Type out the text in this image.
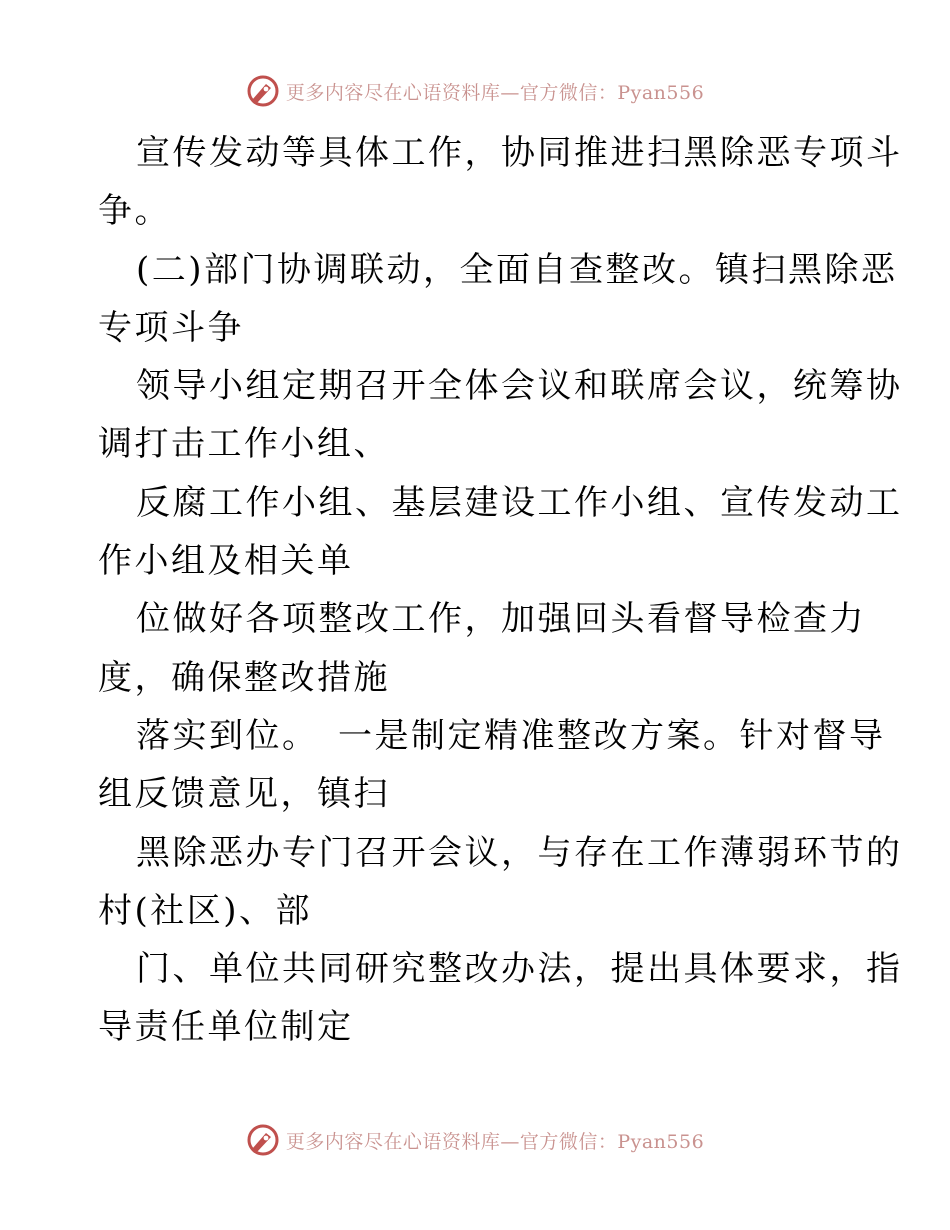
更多内容尽在心语资料库—官方微信：Pyan556
宣传发动等具体工作，协同推进扫黑除恶专项斗
争。
(二)部门协调联动，全面自查整改。镇扫黑除恶
专项斗争
领导小组定期召开全体会议和联席会议，统筹协
调打击工作小组、
反腐工作小组、基层建设工作小组、宣传发动工
作小组及相关单
位做好各项整改工作，加强回头看督导检查力
度，确保整改措施
落实到位。　一是制定精准整改方案。针对督导
组反馈意见，镇扫
黑除恶办专门召开会议，与存在工作薄弱环节的
村(社区)、部
门、单位共同研究整改办法，提出具体要求，指
导责任单位制定
更多内容尽在心语资料库—官方微信：Pyan556
